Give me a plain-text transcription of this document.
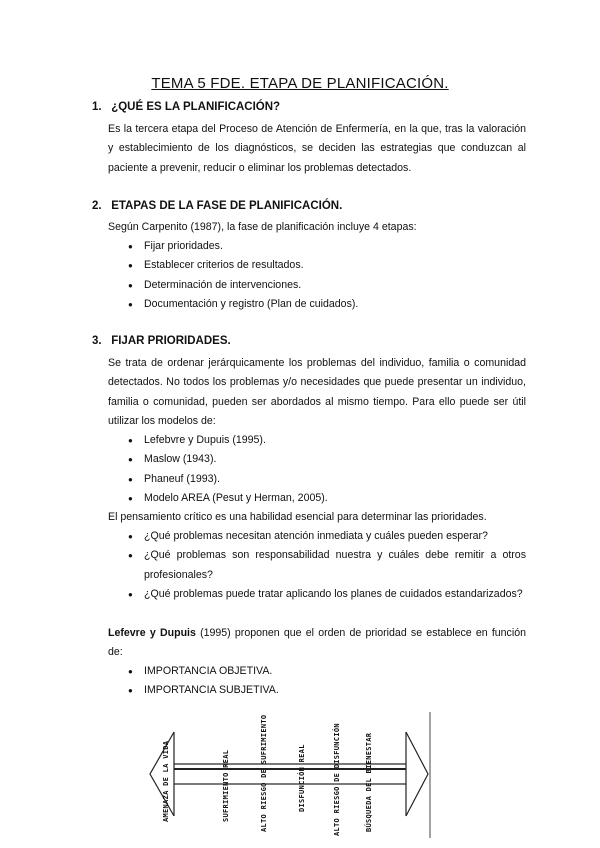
TEMA 5 FDE. ETAPA DE PLANIFICACIÓN.
1. ¿QUÉ ES LA PLANIFICACIÓN?

Es la tercera etapa del Proceso de Atención de Enfermería, en la que, tras la valoración y establecimiento de los diagnósticos, se deciden las estrategias que conduzcan al paciente a prevenir, reducir o eliminar los problemas detectados.

2. ETAPAS DE LA FASE DE PLANIFICACIÓN.

Según Carpenito (1987), la fase de planificación incluye 4 etapas:

● Fijar prioridades.
● Establecer criterios de resultados.
● Determinación de intervenciones.
● Documentación y registro (Plan de cuidados).
3. FIJAR PRIORIDADES.

Se trata de ordenar jerárquicamente los problemas del individuo, familia o comunidad detectados. No todos los problemas y/o necesidades que puede presentar un individuo, familia o comunidad, pueden ser abordados al mismo tiempo. Para ello puede ser útil utilizar los modelos de:

● Lefebvre y Dupuis (1995).
● Maslow (1943).
● Phaneuf (1993).
● Modelo AREA (Pesut y Herman, 2005).

El pensamiento crítico es una habilidad esencial para determinar las prioridades.

● ¿Qué problemas necesitan atención inmediata y cuáles pueden esperar?
● ¿Qué problemas son responsabilidad nuestra y cuáles debe remitir a otros profesionales?
● ¿Qué problemas puede tratar aplicando los planes de cuidados estandarizados?

Lefevre y Dupuis (1995) proponen que el orden de prioridad se establece en función de:

● IMPORTANCIA OBJETIVA.
● IMPORTANCIA SUBJETIVA.
AMENAZA DE LA VIDA	SUFRIMIENTO REAL	ALTO RIESGO DE SUFRIMIENTO	DISFUNCIÓN REAL	ALTO RIESGO DE DISFUNCIÓN	BÚSQUEDA DEL BIENESTAR
